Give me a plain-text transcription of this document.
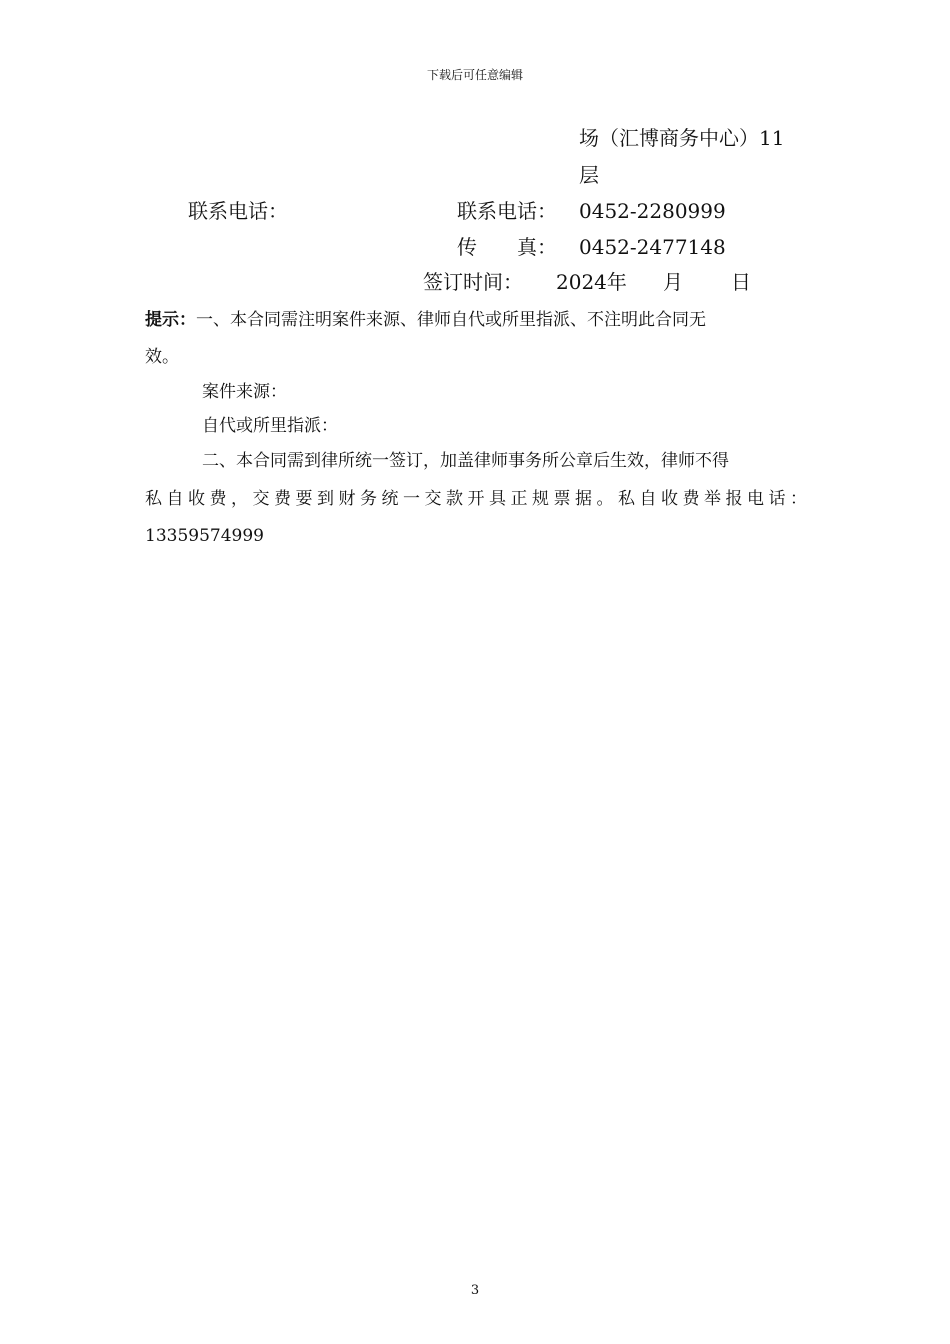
下载后可任意编辑
场（汇博商务中心）11
层
联系电话：	联系电话： 0452-2280999
传　　真： 0452-2477148
签订时间： 2024年 月 日
提示：一、本合同需注明案件来源、律师自代或所里指派、不注明此合同无
效。
案件来源：
自代或所里指派：
二、本合同需到律所统一签订，加盖律师事务所公章后生效，律师不得
私自收费，交费要到财务统一交款开具正规票据。私自收费举报电话：
13359574999
3
